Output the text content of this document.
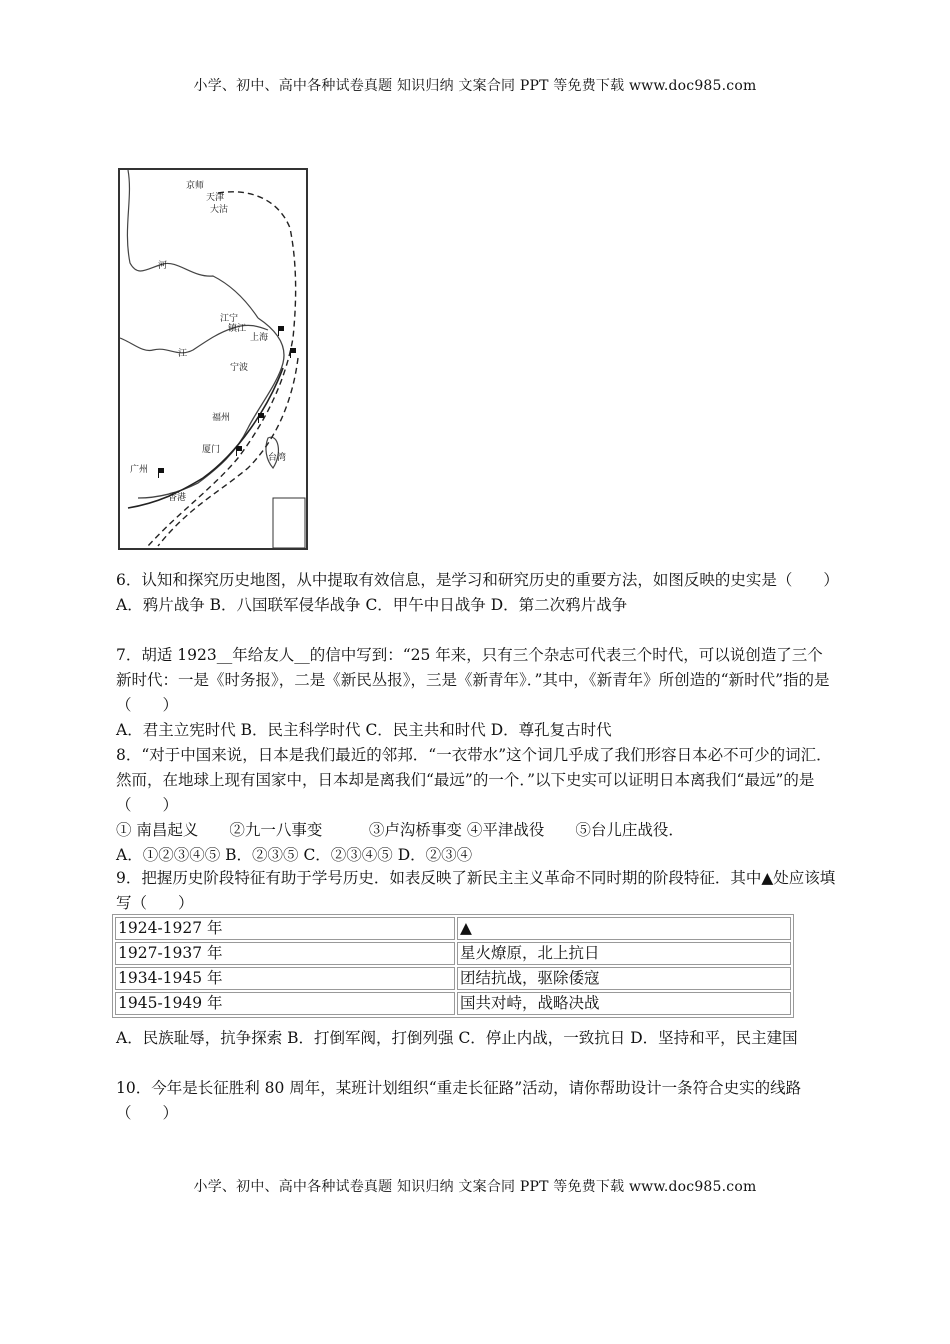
小学、初中、高中各种试卷真题 知识归纳 文案合同 PPT 等免费下载 www.doc985.com
京师
天津
大沽
江宁
镇江
上海
宁波
福州
厦门
广州
香港
台湾
河
江
6．认知和探究历史地图，从中提取有效信息，是学习和研究历史的重要方法，如图反映的史实是（　　）
A．鸦片战争 B．八国联军侵华战争 C．甲午中日战争 D．第二次鸦片战争
7．胡适 1923__年给友人__的信中写到：“25 年来，只有三个杂志可代表三个时代，可以说创造了三个新时代：一是《时务报》，二是《新民丛报》，三是《新青年》．”其中，《新青年》所创造的“新时代”指的是（　　）
A．君主立宪时代 B．民主科学时代 C．民主共和时代 D．尊孔复古时代
8．“对于中国来说，日本是我们最近的邻邦．“一衣带水”这个词几乎成了我们形容日本必不可少的词汇．然而，在地球上现有国家中，日本却是离我们“最远”的一个．”以下史实可以证明日本离我们“最远”的是（　　）
① 南昌起义　　②九一八事变　　　③卢沟桥事变 ④平津战役　　⑤台儿庄战役．
A．①②③④⑤ B．②③⑤ C．②③④⑤ D．②③④
9．把握历史阶段特征有助于学号历史．如表反映了新民主主义革命不同时期的阶段特征．其中▲处应该填写（　　）
1924-1927 年	▲
1927-1937 年	星火燎原，北上抗日
1934-1945 年	团结抗战，驱除倭寇
1945-1949 年	国共对峙，战略决战
A．民族耻辱，抗争探索 B．打倒军阀，打倒列强 C．停止内战，一致抗日 D．坚持和平，民主建国
10．今年是长征胜利 80 周年，某班计划组织“重走长征路”活动，请你帮助设计一条符合史实的线路（　　）
小学、初中、高中各种试卷真题 知识归纳 文案合同 PPT 等免费下载 www.doc985.com
